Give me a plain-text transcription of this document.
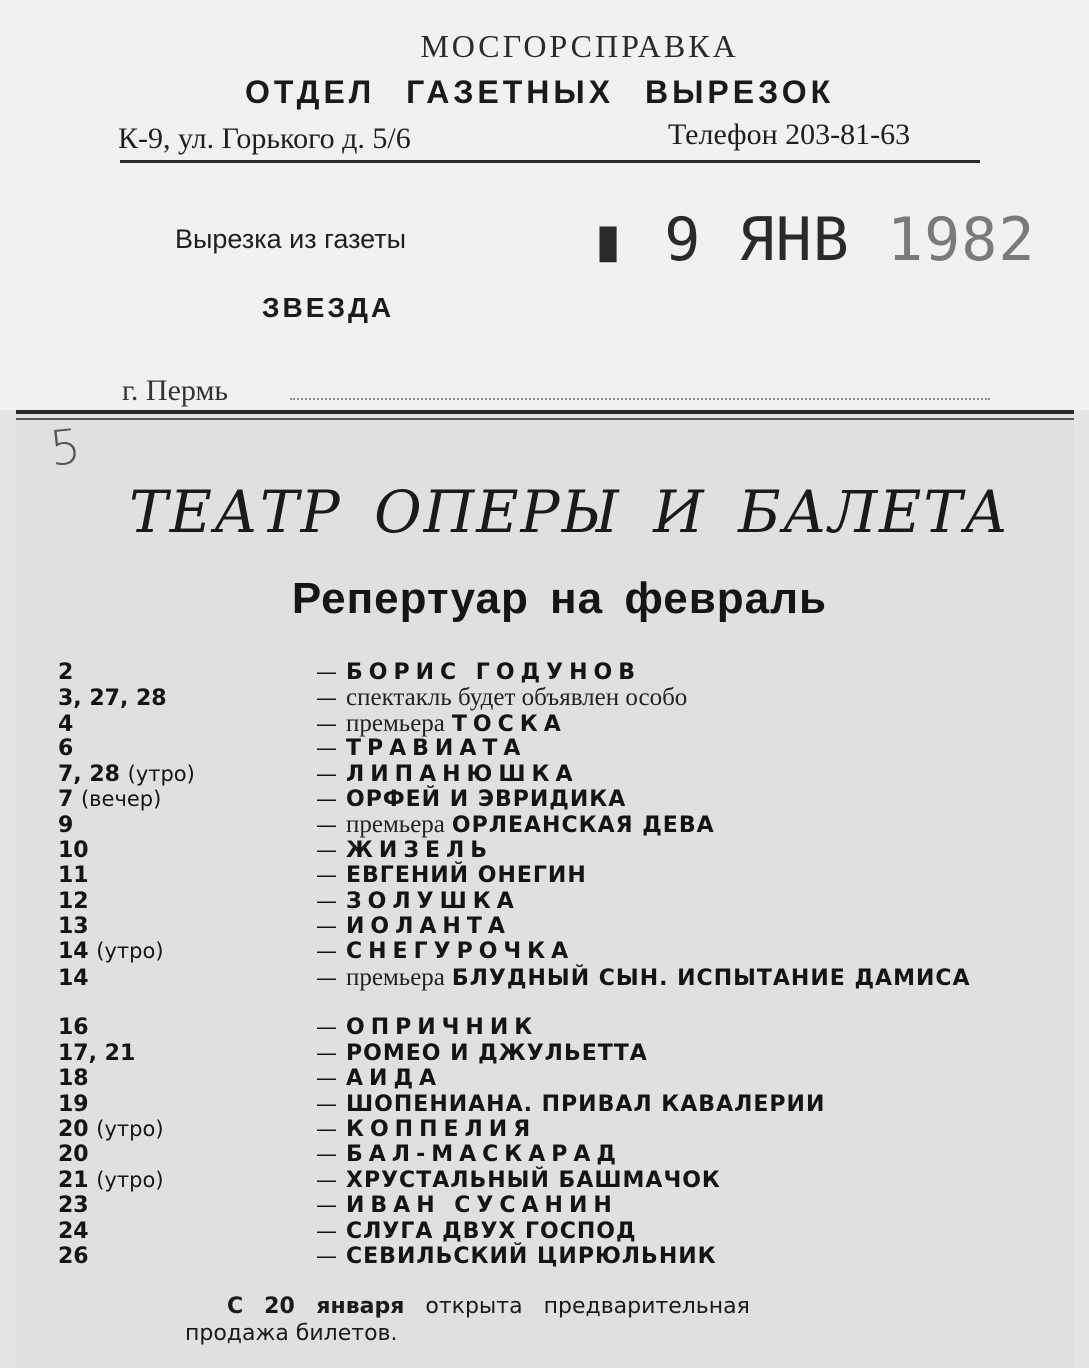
МОСГОРСПРАВКА
ОТДЕЛ ГАЗЕТНЫХ ВЫРЕЗОК
К-9, ул. Горького д. 5/6	Телефон 203-81-63
Вырезка из газеты	▮ 9 ЯНВ 1982
ЗВЕЗДА
г. Пермь
5
ТЕАТР ОПЕРЫ И БАЛЕТА
Репертуар на февраль
2	— БОРИС ГОДУНОВ
3, 27, 28	— спектакль будет объявлен особо
4	— премьера ТОСКА
6	— ТРАВИАТА
7, 28 (утро)	— ЛИПАНЮШКА
7 (вечер)	— ОРФЕЙ И ЭВРИДИКА
9	— премьера ОРЛЕАНСКАЯ ДЕВА
10	— ЖИЗЕЛЬ
11	— ЕВГЕНИЙ ОНЕГИН
12	— ЗОЛУШКА
13	— ИОЛАНТА
14 (утро)	— СНЕГУРОЧКА
14	— премьера БЛУДНЫЙ СЫН. ИСПЫТАНИЕ ДАМИСА
16	— ОПРИЧНИК
17, 21	— РОМЕО И ДЖУЛЬЕТТА
18	— АИДА
19	— ШОПЕНИАНА. ПРИВАЛ КАВАЛЕРИИ
20 (утро)	— КОППЕЛИЯ
20	— БАЛ-МАСКАРАД
21 (утро)	— ХРУСТАЛЬНЫЙ БАШМАЧОК
23	— ИВАН СУСАНИН
24	— СЛУГА ДВУХ ГОСПОД
26	— СЕВИЛЬСКИЙ ЦИРЮЛЬНИК
С 20 января открыта предварительная
продажа билетов.
